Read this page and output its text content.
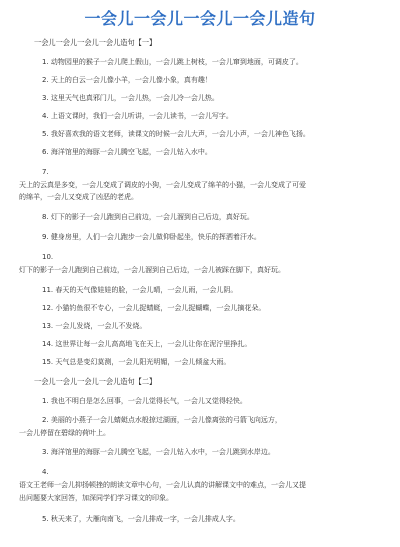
一会儿一会儿一会儿一会儿造句
一会儿一会儿一会儿一会儿造句【一】
1. 动物园里的猴子一会儿爬上假山，一会儿跳上树枝，一会儿窜到地面，可调皮了。
2. 天上的白云一会儿像小羊，一会儿像小象，真有趣！
3. 这里天气也真邪门儿，一会儿热，一会儿冷一会儿热。
4. 上语文课时，我们一会儿听讲，一会儿读书，一会儿写字。
5. 我好喜欢我的语文老师，读课文的时候一会儿大声，一会儿小声，一会儿神色飞扬。
6. 海洋馆里的海豚一会儿腾空飞起，一会儿钻入水中。
7.
天上的云真是多变，一会儿变成了调皮的小狗，一会儿变成了绵羊的小猫，一会儿变成了可爱
的绵羊，一会儿又变成了凶恶的老虎。
8. 灯下的影子一会儿跑到自己前边，一会儿溜到自己后边，真好玩。
9. 健身房里，人们一会儿跑步一会儿做仰卧起坐，快乐的挥洒着汗水。
10.
灯下的影子一会儿跑到自己前边，一会儿溜到自己后边，一会儿被踩在脚下，真好玩。
11. 春天的天气像娃娃的脸，一会儿晴，一会儿雨，一会儿阴。
12. 小猫钓鱼很不专心，一会儿捉蜻蜓，一会儿捉蝴蝶，一会儿摘花朵。
13. 一会儿发烧，一会儿不发烧。
14. 这世界让每一会儿高高地飞在天上，一会儿让你在泥泞里挣扎。
15. 天气总是变幻莫测，一会儿阳光明媚，一会儿倾盆大雨。
一会儿一会儿一会儿一会儿造句【二】
1. 我也不明白是怎么回事，一会儿觉得长气，一会儿又觉得轻快。
2. 美丽的小燕子一会儿蜻蜓点水般掠过湖面，一会儿像离弦的弓箭飞向远方，
一会儿停留在碧绿的荷叶上。
3. 海洋馆里的海豚一会儿腾空飞起，一会儿钻入水中，一会儿跳到水岸边。
4.
语文王老师一会儿抑扬顿挫的朗读文章中心句，一会儿认真的讲解课文中的难点，一会儿又提
出问题要大家回答，加深同学们学习课文的印象。
5. 秋天来了，大雁向南飞，一会儿排成一字，一会儿排成人字。
